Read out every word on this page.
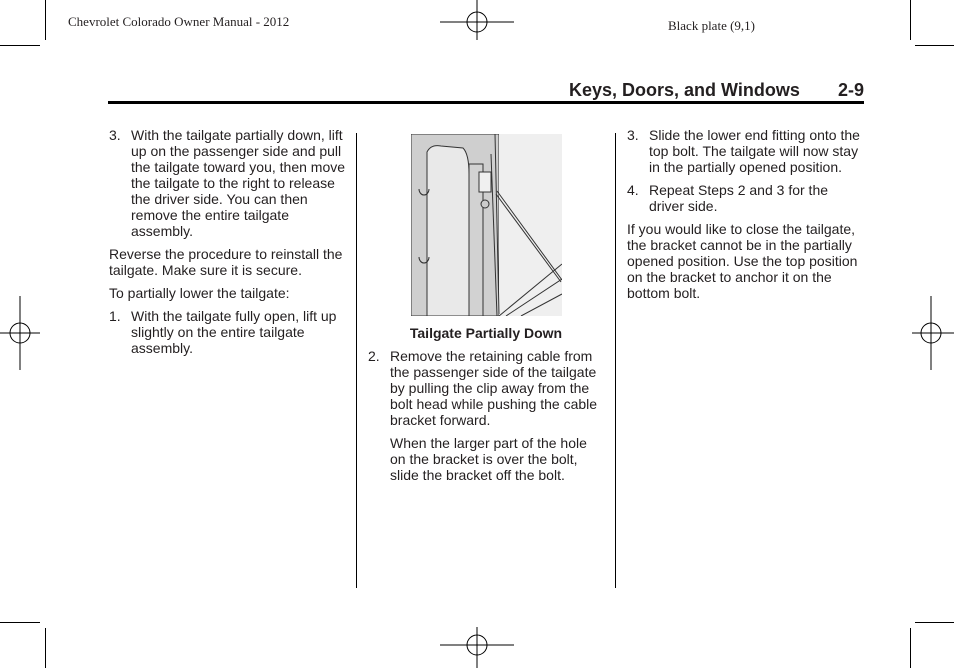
Chevrolet Colorado Owner Manual - 2012	Black plate (9,1)
Keys, Doors, and Windows 2-9
3. With the tailgate partially down, lift up on the passenger side and pull the tailgate toward you, then move the tailgate to the right to release the driver side. You can then remove the entire tailgate assembly.

Reverse the procedure to reinstall the tailgate. Make sure it is secure.

To partially lower the tailgate:

1. With the tailgate fully open, lift up slightly on the entire tailgate assembly.

Tailgate Partially Down

2. Remove the retaining cable from the passenger side of the tailgate by pulling the clip away from the bolt head while pushing the cable bracket forward.

When the larger part of the hole on the bracket is over the bolt, slide the bracket off the bolt.

3. Slide the lower end fitting onto the top bolt. The tailgate will now stay in the partially opened position.
4. Repeat Steps 2 and 3 for the driver side.

If you would like to close the tailgate, the bracket cannot be in the partially opened position. Use the top position on the bracket to anchor it on the bottom bolt.
